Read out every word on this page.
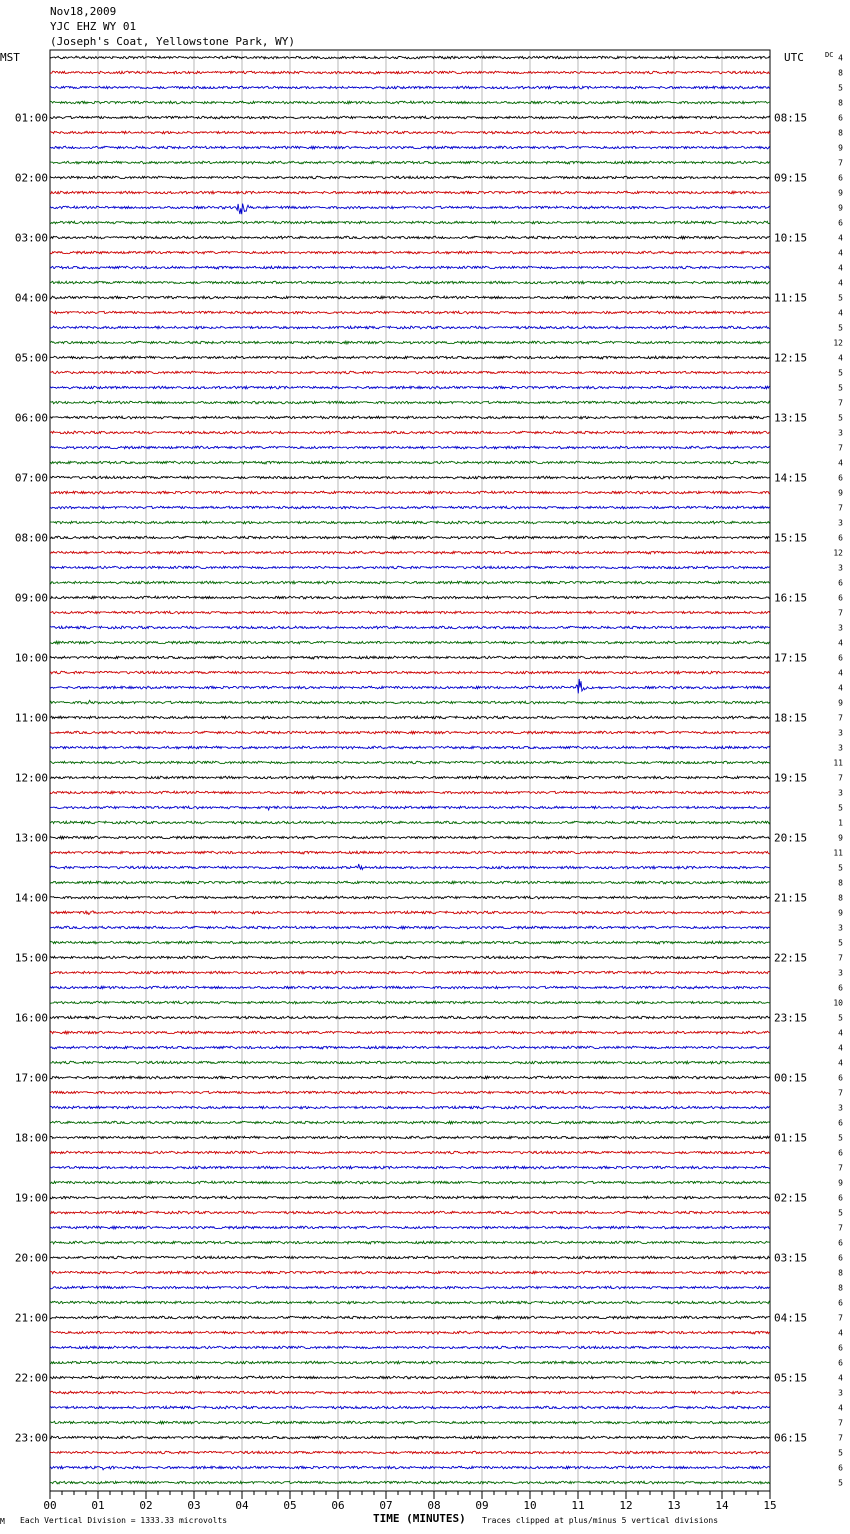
Nov18,2009
YJC EHZ WY 01
(Joseph's Coat, Yellowstone Park, WY)
01:00
02:00
03:00
04:00
05:00
06:00
07:00
08:00
09:00
10:00
11:00
12:00
13:00
14:00
15:00
16:00
17:00
18:00
19:00
20:00
21:00
22:00
23:00
08:15
09:15
10:15
11:15
12:15
13:15
14:15
15:15
16:15
17:15
18:15
19:15
20:15
21:15
22:15
23:15
00:15
01:15
02:15
03:15
04:15
05:15
06:15
MST	UTC	DC 4
8
5
8
6
8
9
7
6
9
9
6
4
4
4
4
5
4
5
12
4
5
5
7
5
3
7
4
6
9
7
3
6
12
3
6
6
7
3
4
6
4
4
9
7
3
3
11
7
3
5
1
9
11
5
8
8
9
3
5
7
3
6
10
5
4
4
4
6
7
3
6
5
6
7
9
6
5
7
6
6
8
8
6
7
4
6
6
4
3
4
7
7
5
6
5
00	01	02	03	04	05	06	07	08	09	10	11	12	13	14	15
M Each Vertical Division = 1333.33 microvolts	TIME (MINUTES) Traces clipped at plus/minus 5 vertical divisions
